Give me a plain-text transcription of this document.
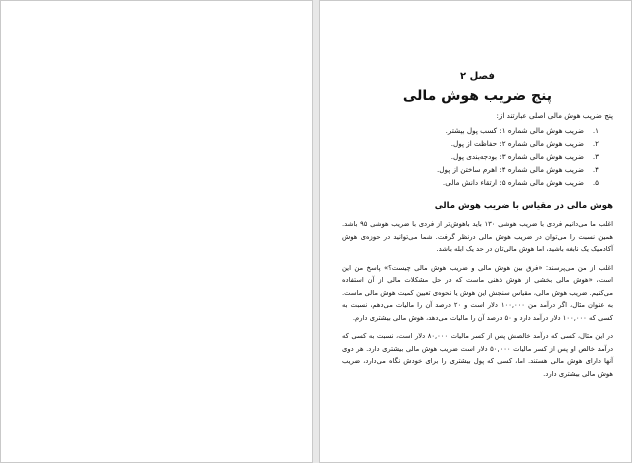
فصل ۲
پنج ضریب هوش مالی
پنج ضریب هوش مالی اصلی عبارتند از:
۱.
ضریب هوش مالی شماره ۱: کسب پول بیشتر.
۲.
ضریب هوش مالی شماره ۲: حفاظت از پول.
۳.
ضریب هوش مالی شماره ۳: بودجه‌بندی پول.
۴.
ضریب هوش مالی شماره ۴: اهرم ساختن از پول.
۵.
ضریب هوش مالی شماره ۵: ارتقاء دانش مالی.
هوش مالی در مقیاس با ضریب هوش مالی

اغلب ما می‌دانیم فردی با ضریب هوشی ۱۳۰ باید باهوش‌تر از فردی با ضریب هوشی ۹۵ باشد. همین نسبت را می‌توان در ضریب هوش مالی درنظر گرفت. شما می‌توانید در حوزه‌ی هوش آکادمیک یک نابغه باشید، اما هوش مالی‌تان در حد یک ابله باشد.

اغلب از من می‌پرسند: «فرق بین هوش مالی و ضریب هوش مالی چیست؟» پاسخ من این است، «هوش مالی بخشی از هوش ذهنی ماست که در حل مشکلات مالی از آن استفاده می‌کنیم. ضریب هوش مالی، مقیاس سنجش این هوش یا نحوه‌ی تعیین کمیت هوش مالی ماست. به عنوان مثال، اگر درآمد من ۱۰۰,۰۰۰ دلار است و ۲۰ درصد آن را مالیات می‌دهم، نسبت به کسی که ۱۰۰,۰۰۰ دلار درآمد دارد و ۵۰ درصد آن را مالیات می‌دهد، هوش مالی بیشتری دارم.

در این مثال، کسی که درآمد خالصش پس از کسر مالیات ۸۰,۰۰۰ دلار است، نسبت به کسی که درآمد خالص او پس از کسر مالیات ۵۰,۰۰۰ دلار است ضریب هوش مالی بیشتری دارد. هر دوی آنها دارای هوش مالی هستند. اما، کسی که پول بیشتری را برای خودش نگاه می‌دارد، ضریب هوش مالی بیشتری دارد.
